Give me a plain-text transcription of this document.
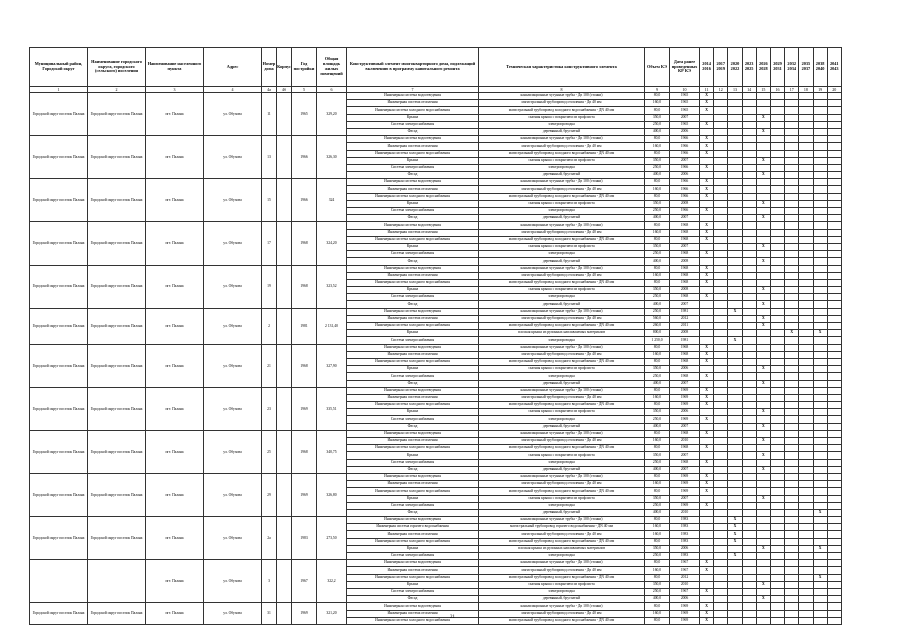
Муниципальный район, Городской округ	Наименование городского округа, городского (сельского) поселения	Наименование населенного пункта	Адрес	Номер дома	Корпус	Год постройки	Общая площадь жилых помещений	Конструктивный элемент многоквартирного дома, подлежащий включению в программу капитального ремонта	Техническая характеристика конструктивного элемента	Объем КЭ	Дата ранее проведенных КР КЭ	2014 2016	2017 2019	2020 2022	2023 2025	2026 2028	2029 2031	2032 2034	2035 2037	2038 2040	2041 2043
1	2	3	4	4а	4б	5	6	7	8	9	10	11	12	13	14	15	16	17	18	19	20
Городской округ поселок Палана	Городской округ поселок Палана	пгт. Палана	ул. Обухова	11		1965	329,20	Инженерная система водоотведения	канализационные чугунные трубы - Дn 100 (стояки)	80,0	1965	X									
								Инженерная система отопления	магистральный трубопровод отопления - Дn 40 мм	160,0	1965	X									
								Инженерная система холодного водоснабжения	магистральный трубопровод холодного водоснабжения - ДN 40 мм	80,0	1965	X									
								Крыша	скатная крыша с покрытием из профлиста	350,0	2007					X					
								Система электроснабжения	электропроводка	250,0	1965	X									
								Фасад	деревянный, брусчатый	400,0	2006					X					
Городской округ поселок Палана	Городской округ поселок Палана	пгт. Палана	ул. Обухова	13		1966	326,30	Инженерная система водоотведения	канализационные чугунные трубы - Дn 100 (стояки)	80,0	1966	X									
								Инженерная система отопления	магистральный трубопровод отопления - Дn 40 мм	160,0	1966	X									
								Инженерная система холодного водоснабжения	магистральный трубопровод холодного водоснабжения - ДN 40 мм	80,0	1966	X									
								Крыша	скатная крыша с покрытием из профлиста	350,0	2007					X					
								Система электроснабжения	электропроводка	250,0	1966	X									
								Фасад	деревянный, брусчатый	400,0	2006					X					
Городской округ поселок Палана	Городской округ поселок Палана	пгт. Палана	ул. Обухова	15		1966	324	Инженерная система водоотведения	канализационные чугунные трубы - Дn 100 (стояки)	80,0	1966	X									
								Инженерная система отопления	магистральный трубопровод отопления - Дn 40 мм	160,0	1966	X									
								Инженерная система холодного водоснабжения	магистральный трубопровод холодного водоснабжения - ДN 40 мм	80,0	1966	X									
								Крыша	скатная крыша с покрытием из профлиста	350,0	2008					X					
								Система электроснабжения	электропроводка	250,0	1966	X									
								Фасад	деревянный, брусчатый	400,0	2007					X					
Городской округ поселок Палана	Городской округ поселок Палана	пгт. Палана	ул. Обухова	17		1968	324,20	Инженерная система водоотведения	канализационные чугунные трубы - Дn 100 (стояки)	80,0	1968	X									
								Инженерная система отопления	магистральный трубопровод отопления - Дn 40 мм	160,0	1968	X									
								Инженерная система холодного водоснабжения	магистральный трубопровод холодного водоснабжения - ДN 40 мм	80,0	1968	X									
								Крыша	скатная крыша с покрытием из профлиста	350,0	2007					X					
								Система электроснабжения	электропроводка	250,0	1968	X									
								Фасад	деревянный, брусчатый	400,0	2008					X					
Городской округ поселок Палана	Городской округ поселок Палана	пгт. Палана	ул. Обухова	19		1968	323,52	Инженерная система водоотведения	канализационные чугунные трубы - Дn 100 (стояки)	80,0	1968	X									
								Инженерная система отопления	магистральный трубопровод отопления - Дn 40 мм	160,0	1968	X									
								Инженерная система холодного водоснабжения	магистральный трубопровод холодного водоснабжения - ДN 40 мм	80,0	1968	X									
								Крыша	скатная крыша с покрытием из профлиста	350,0	2008					X					
								Система электроснабжения	электропроводка	250,0	1968	X									
								Фасад	деревянный, брусчатый	400,0	2007					X					
Городской округ поселок Палана	Городской округ поселок Палана	пгт. Палана	ул. Обухова	2		1981	2 131,40	Инженерная система водоотведения	канализационные чугунные трубы - Дn 100 (стояки)	250,0	1981			X							
								Инженерная система отопления	магистральный трубопровод отопления - Дn 40 мм	560,0	2012					X					
								Инженерная система холодного водоснабжения	магистральный трубопровод холодного водоснабжения - ДN 40 мм	260,0	2011					X					
								Крыша	плоская крыша из рулонных наплавляемых материалов	800,0	2008							X		X	
								Система электроснабжения	электропроводка	1 250,0	1981			X							
Городской округ поселок Палана	Городской округ поселок Палана	пгт. Палана	ул. Обухова	21		1968	327,90	Инженерная система водоотведения	канализационные чугунные трубы - Дn 100 (стояки)	80,0	1968	X									
								Инженерная система отопления	магистральный трубопровод отопления - Дn 40 мм	160,0	1968	X									
								Инженерная система холодного водоснабжения	магистральный трубопровод холодного водоснабжения - ДN 40 мм	80,0	1968	X									
								Крыша	скатная крыша с покрытием из профлиста	350,0	2006					X					
								Система электроснабжения	электропроводка	250,0	1968	X									
								Фасад	деревянный, брусчатый	400,0	2007					X					
Городской округ поселок Палана	Городской округ поселок Палана	пгт. Палана	ул. Обухова	23		1969	335,51	Инженерная система водоотведения	канализационные чугунные трубы - Дn 100 (стояки)	80,0	1969	X									
								Инженерная система отопления	магистральный трубопровод отопления - Дn 40 мм	160,0	1969	X									
								Инженерная система холодного водоснабжения	магистральный трубопровод холодного водоснабжения - ДN 40 мм	80,0	1969	X									
								Крыша	скатная крыша с покрытием из профлиста	350,0	2006					X					
								Система электроснабжения	электропроводка	250,0	1969	X									
								Фасад	деревянный, брусчатый	400,0	2007					X					
Городской округ поселок Палана	Городской округ поселок Палана	пгт. Палана	ул. Обухова	25		1968	340,75	Инженерная система водоотведения	канализационные чугунные трубы - Дn 100 (стояки)	80,0	1968	X									
								Инженерная система отопления	магистральный трубопровод отопления - Дn 40 мм	160,0	2010					X					
								Инженерная система холодного водоснабжения	магистральный трубопровод холодного водоснабжения - ДN 40 мм	80,0	1968	X									
								Крыша	скатная крыша с покрытием из профлиста	350,0	2007					X					
								Система электроснабжения	электропроводка	250,0	1968	X									
								Фасад	деревянный, брусчатый	400,0	2007					X					
Городской округ поселок Палана	Городской округ поселок Палана	пгт. Палана	ул. Обухова	29		1969	326,80	Инженерная система водоотведения	канализационные чугунные трубы - Дn 100 (стояки)	80,0	1969	X									
								Инженерная система отопления	магистральный трубопровод отопления - Дn 40 мм	160,0	1969	X									
								Инженерная система холодного водоснабжения	магистральный трубопровод холодного водоснабжения - ДN 40 мм	80,0	1969	X									
								Крыша	скатная крыша с покрытием из профлиста	350,0	2007					X					
								Система электроснабжения	электропроводка	250,0	1969	X									
								Фасад	деревянный, брусчатый	400,0	2010									X	
Городской округ поселок Палана	Городской округ поселок Палана	пгт. Палана	ул. Обухова	2а		1983	273,50	Инженерная система водоотведения	канализационные чугунные трубы - Дn 100 (стояки)	80,0	1983			X							
								Инженерная система горячего водоснабжения	магистральный трубопровод горячего водоснабжения - ДN 40 мм	160,0	1983			X							
								Инженерная система отопления	магистральный трубопровод отопления - Дn 40 мм	160,0	1983			X							
								Инженерная система холодного водоснабжения	магистральный трубопровод холодного водоснабжения - ДN 40 мм	80,0	1983			X							
								Крыша	плоская крыша из рулонных наплавляемых материалов	350,0	2006					X				X	
								Система электроснабжения	электропроводка	250,0	1983			X							
		пгт. Палана	ул. Обухова	3		1967	322,2	Инженерная система водоотведения	канализационные чугунные трубы - Дn 100 (стояки)	80,0	1967	X									
								Инженерная система отопления	магистральный трубопровод отопления - Дn 40 мм	160,0	1967	X									
								Инженерная система холодного водоснабжения	магистральный трубопровод холодного водоснабжения - ДN 40 мм	80,0	2012									X	
								Крыша	скатная крыша с покрытием из профлиста	350,0	2010					X					
								Система электроснабжения	электропроводка	250,0	1967	X									
								Фасад	деревянный, брусчатый	400,0	2006					X					
Городской округ поселок Палана	Городской округ поселок Палана	пгт. Палана	ул. Обухова	31		1969	321,20	Инженерная система водоотведения	канализационные чугунные трубы - Дn 100 (стояки)	80,0	1969	X									
								Инженерная система отопления	магистральный трубопровод отопления - Дn 40 мм	160,0	1969	X									
								Инженерная система холодного водоснабжения	магистральный трубопровод холодного водоснабжения - ДN 40 мм	80,0	1969	X									
21
